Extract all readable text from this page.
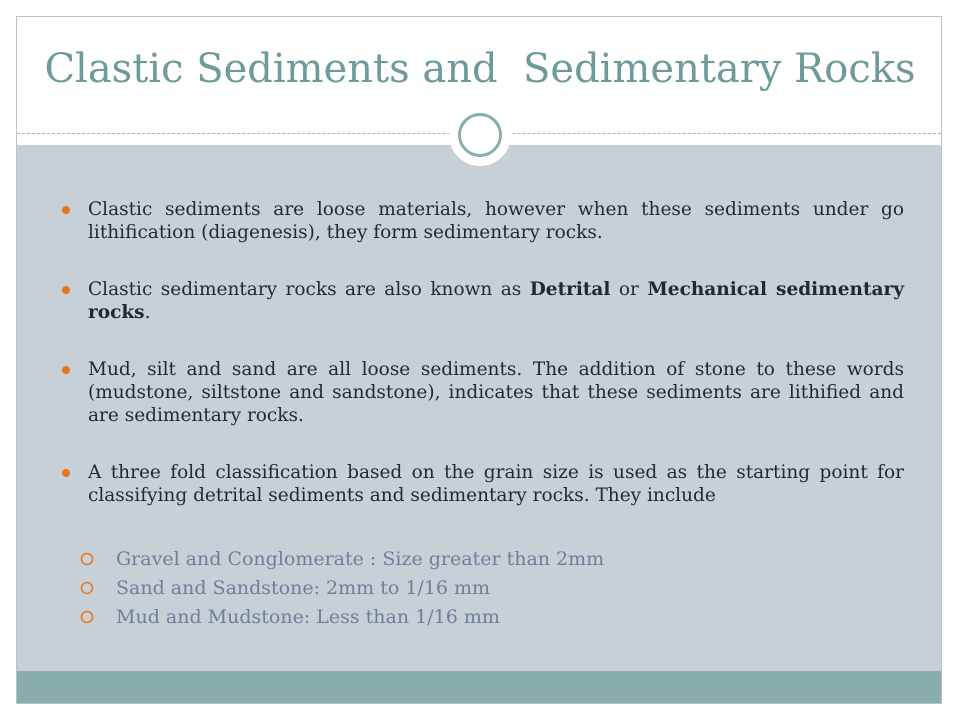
Clastic Sediments and  Sedimentary Rocks
Clastic sediments are loose materials, however when these sediments under go lithification (diagenesis), they form sedimentary rocks.
Clastic sedimentary rocks are also known as Detrital or Mechanical sedimentary rocks.
Mud, silt and sand are all loose sediments. The addition of stone to these words (mudstone, siltstone and sandstone), indicates that these sediments are lithified and are sedimentary rocks.
A three fold classification based on the grain size is used as the starting point for classifying detrital sediments and sedimentary rocks. They include
Gravel and Conglomerate : Size greater than 2mm
Sand and Sandstone: 2mm to 1/16 mm
Mud and Mudstone: Less than 1/16 mm
